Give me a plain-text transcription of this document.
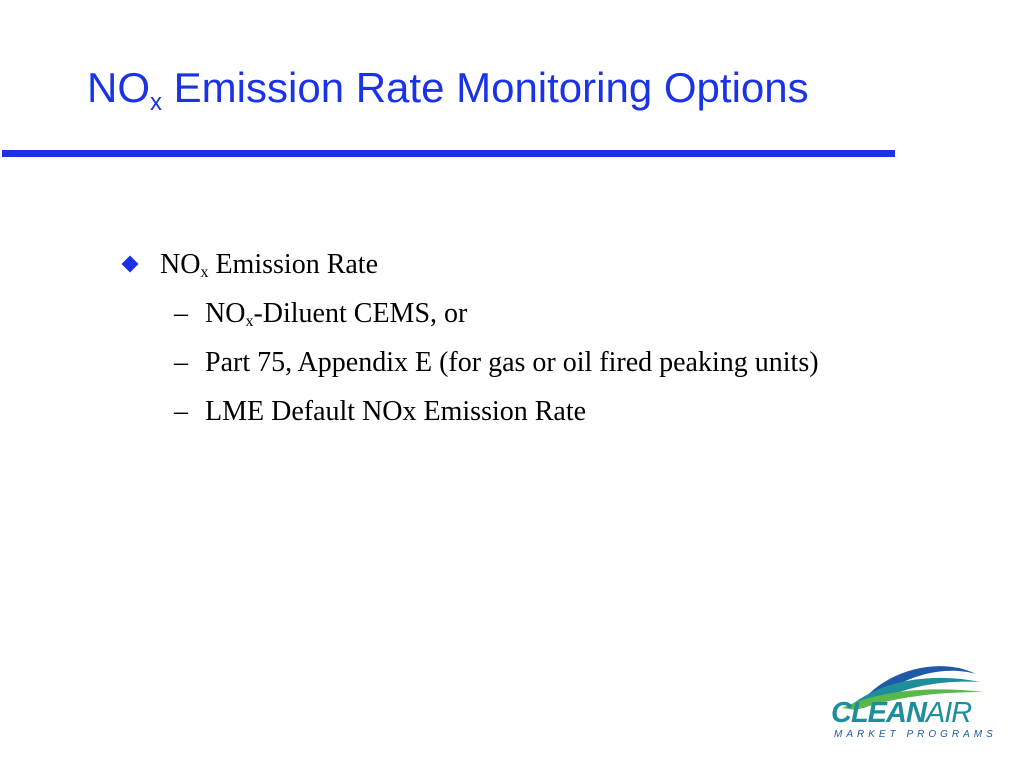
$NO_x$ Emission Rate Monitoring Options
$NO_x$ Emission Rate
– $NO_x$-Diluent CEMS, or
– Part 75, Appendix E (for gas or oil fired peaking units)
– LME Default NOx Emission Rate
CLEANAIR
MARKET PROGRAMS
